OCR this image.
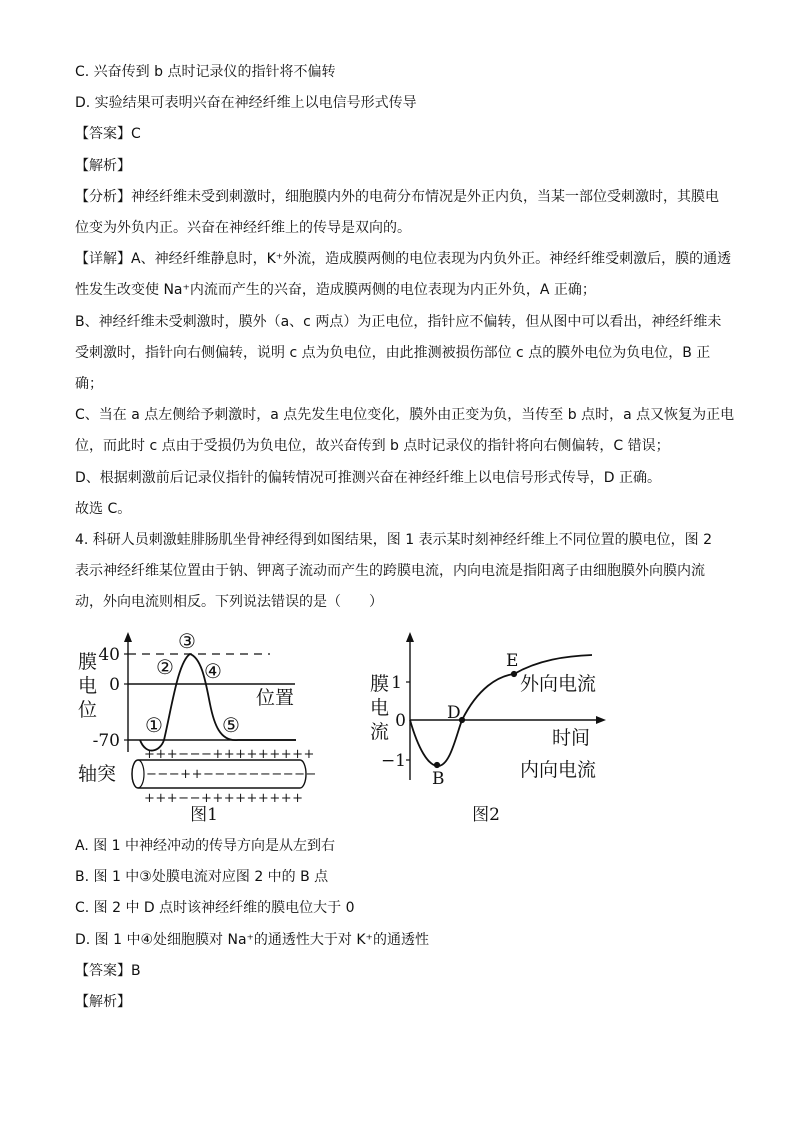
C. 兴奋传到 b 点时记录仪的指针将不偏转
D. 实验结果可表明兴奋在神经纤维上以电信号形式传导
【答案】C
【解析】
【分析】神经纤维未受到刺激时，细胞膜内外的电荷分布情况是外正内负，当某一部位受刺激时，其膜电
位变为外负内正。兴奋在神经纤维上的传导是双向的。
【详解】A、神经纤维静息时，K⁺外流，造成膜两侧的电位表现为内负外正。神经纤维受刺激后，膜的通透
性发生改变使 Na⁺内流而产生的兴奋，造成膜两侧的电位表现为内正外负，A 正确；
B、神经纤维未受刺激时，膜外（a、c 两点）为正电位，指针应不偏转，但从图中可以看出，神经纤维未
受刺激时，指针向右侧偏转，说明 c 点为负电位，由此推测被损伤部位 c 点的膜外电位为负电位，B 正
确；
C、当在 a 点左侧给予刺激时，a 点先发生电位变化，膜外由正变为负，当传至 b 点时，a 点又恢复为正电
位，而此时 c 点由于受损仍为负电位，故兴奋传到 b 点时记录仪的指针将向右侧偏转，C 错误；
D、根据刺激前后记录仪指针的偏转情况可推测兴奋在神经纤维上以电信号形式传导，D 正确。
故选 C。
4. 科研人员刺激蛙腓肠肌坐骨神经得到如图结果，图 1 表示某时刻神经纤维上不同位置的膜电位，图 2
表示神经纤维某位置由于钠、钾离子流动而产生的跨膜电流，内向电流是指阳离子由细胞膜外向膜内流
动，外向电流则相反。下列说法错误的是（　　）
膜
电
位
40
0
-70
位置
①
②
③
④
⑤
轴突
+++−−−+++++++++
−−−++−−−−−−−−−−
+++−−+++++++++
图1
膜
电
流
1
0
−1
B
D
E
外向电流
时间
内向电流
图2
A. 图 1 中神经冲动的传导方向是从左到右
B. 图 1 中③处膜电流对应图 2 中的 B 点
C. 图 2 中 D 点时该神经纤维的膜电位大于 0
D. 图 1 中④处细胞膜对 Na⁺的通透性大于对 K⁺的通透性
【答案】B
【解析】
